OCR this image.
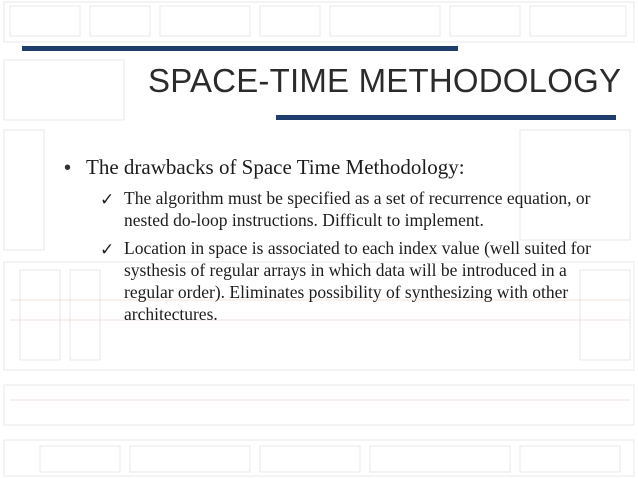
SPACE-TIME METHODOLOGY
• The drawbacks of Space Time Methodology:
✓ The algorithm must be specified as a set of recurrence equation, or nested do-loop instructions. Difficult to implement.
✓ Location in space is associated to each index value (well suited for systhesis of regular arrays in which data will be introduced in a regular order). Eliminates possibility of synthesizing with other architectures.
